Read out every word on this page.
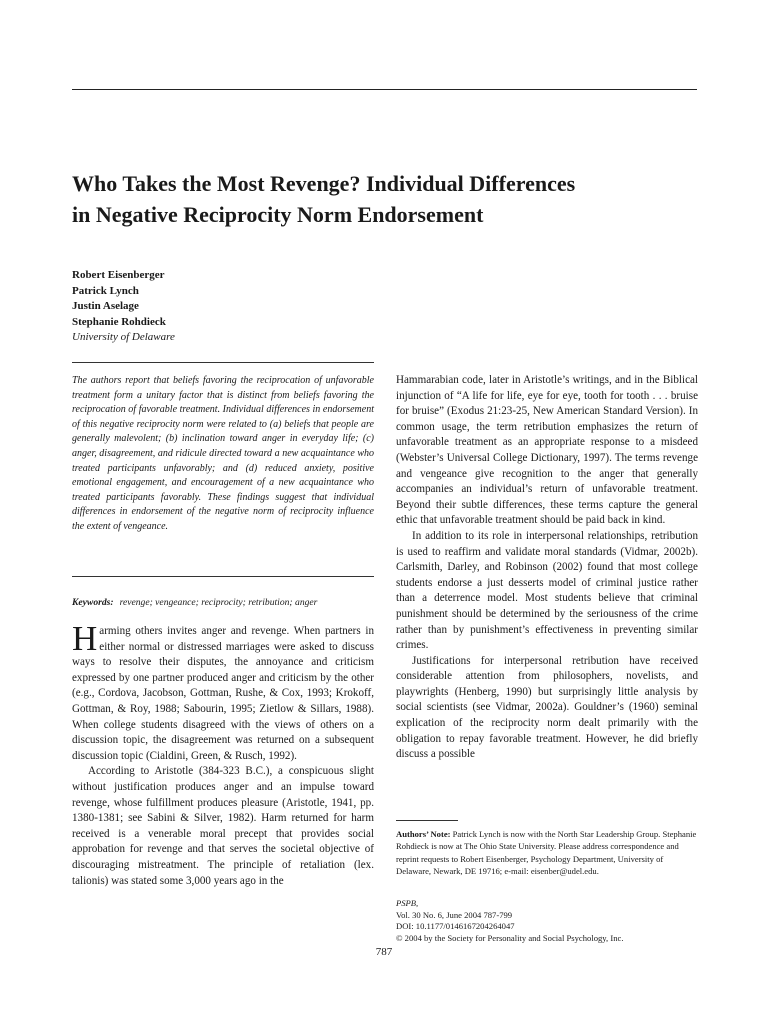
Who Takes the Most Revenge? Individual Differences
in Negative Reciprocity Norm Endorsement
Robert Eisenberger
Patrick Lynch
Justin Aselage
Stephanie Rohdieck
University of Delaware
The authors report that beliefs favoring the reciprocation of unfavorable treatment form a unitary factor that is distinct from beliefs favoring the reciprocation of favorable treatment. Individual differences in endorsement of this negative reciprocity norm were related to (a) beliefs that people are generally malevolent; (b) inclination toward anger in everyday life; (c) anger, disagreement, and ridicule directed toward a new acquaintance who treated participants unfavorably; and (d) reduced anxiety, positive emotional engagement, and encouragement of a new acquaintance who treated participants favorably. These findings suggest that individual differences in endorsement of the negative norm of reciprocity influence the extent of vengeance.
Keywords: revenge; vengeance; reciprocity; retribution; anger

Harming others invites anger and revenge. When partners in either normal or distressed marriages were asked to discuss ways to resolve their disputes, the annoyance and criticism expressed by one partner produced anger and criticism by the other (e.g., Cordova, Jacobson, Gottman, Rushe, & Cox, 1993; Krokoff, Gottman, & Roy, 1988; Sabourin, 1995; Zietlow & Sillars, 1988). When college students disagreed with the views of others on a discussion topic, the disagreement was returned on a subsequent discussion topic (Cialdini, Green, & Rusch, 1992).

According to Aristotle (384-323 B.C.), a conspicuous slight without justification produces anger and an impulse toward revenge, whose fulfillment produces pleasure (Aristotle, 1941, pp. 1380-1381; see Sabini & Silver, 1982). Harm returned for harm received is a venerable moral precept that provides social approbation for revenge and that serves the societal objective of discouraging mistreatment. The principle of retaliation (lex. talionis) was stated some 3,000 years ago in the

Hammarabian code, later in Aristotle’s writings, and in the Biblical injunction of “A life for life, eye for eye, tooth for tooth . . . bruise for bruise” (Exodus 21:23-25, New American Standard Version). In common usage, the term retribution emphasizes the return of unfavorable treatment as an appropriate response to a misdeed (Webster’s Universal College Dictionary, 1997). The terms revenge and vengeance give recognition to the anger that generally accompanies an individual’s return of unfavorable treatment. Beyond their subtle differences, these terms capture the general ethic that unfavorable treatment should be paid back in kind.

In addition to its role in interpersonal relationships, retribution is used to reaffirm and validate moral standards (Vidmar, 2002b). Carlsmith, Darley, and Robinson (2002) found that most college students endorse a just desserts model of criminal justice rather than a deterrence model. Most students believe that criminal punishment should be determined by the seriousness of the crime rather than by punishment’s effectiveness in preventing similar crimes.

Justifications for interpersonal retribution have received considerable attention from philosophers, novelists, and playwrights (Henberg, 1990) but surprisingly little analysis by social scientists (see Vidmar, 2002a). Gouldner’s (1960) seminal explication of the reciprocity norm dealt primarily with the obligation to repay favorable treatment. However, he did briefly discuss a possible

Authors’ Note: Patrick Lynch is now with the North Star Leadership Group. Stephanie Rohdieck is now at The Ohio State University. Please address correspondence and reprint requests to Robert Eisenberger, Psychology Department, University of Delaware, Newark, DE 19716; e-mail: eisenber@udel.edu.

PSPB,
Vol. 30 No. 6, June 2004 787-799
DOI: 10.1177/0146167204264047
© 2004 by the Society for Personality and Social Psychology, Inc.
787
